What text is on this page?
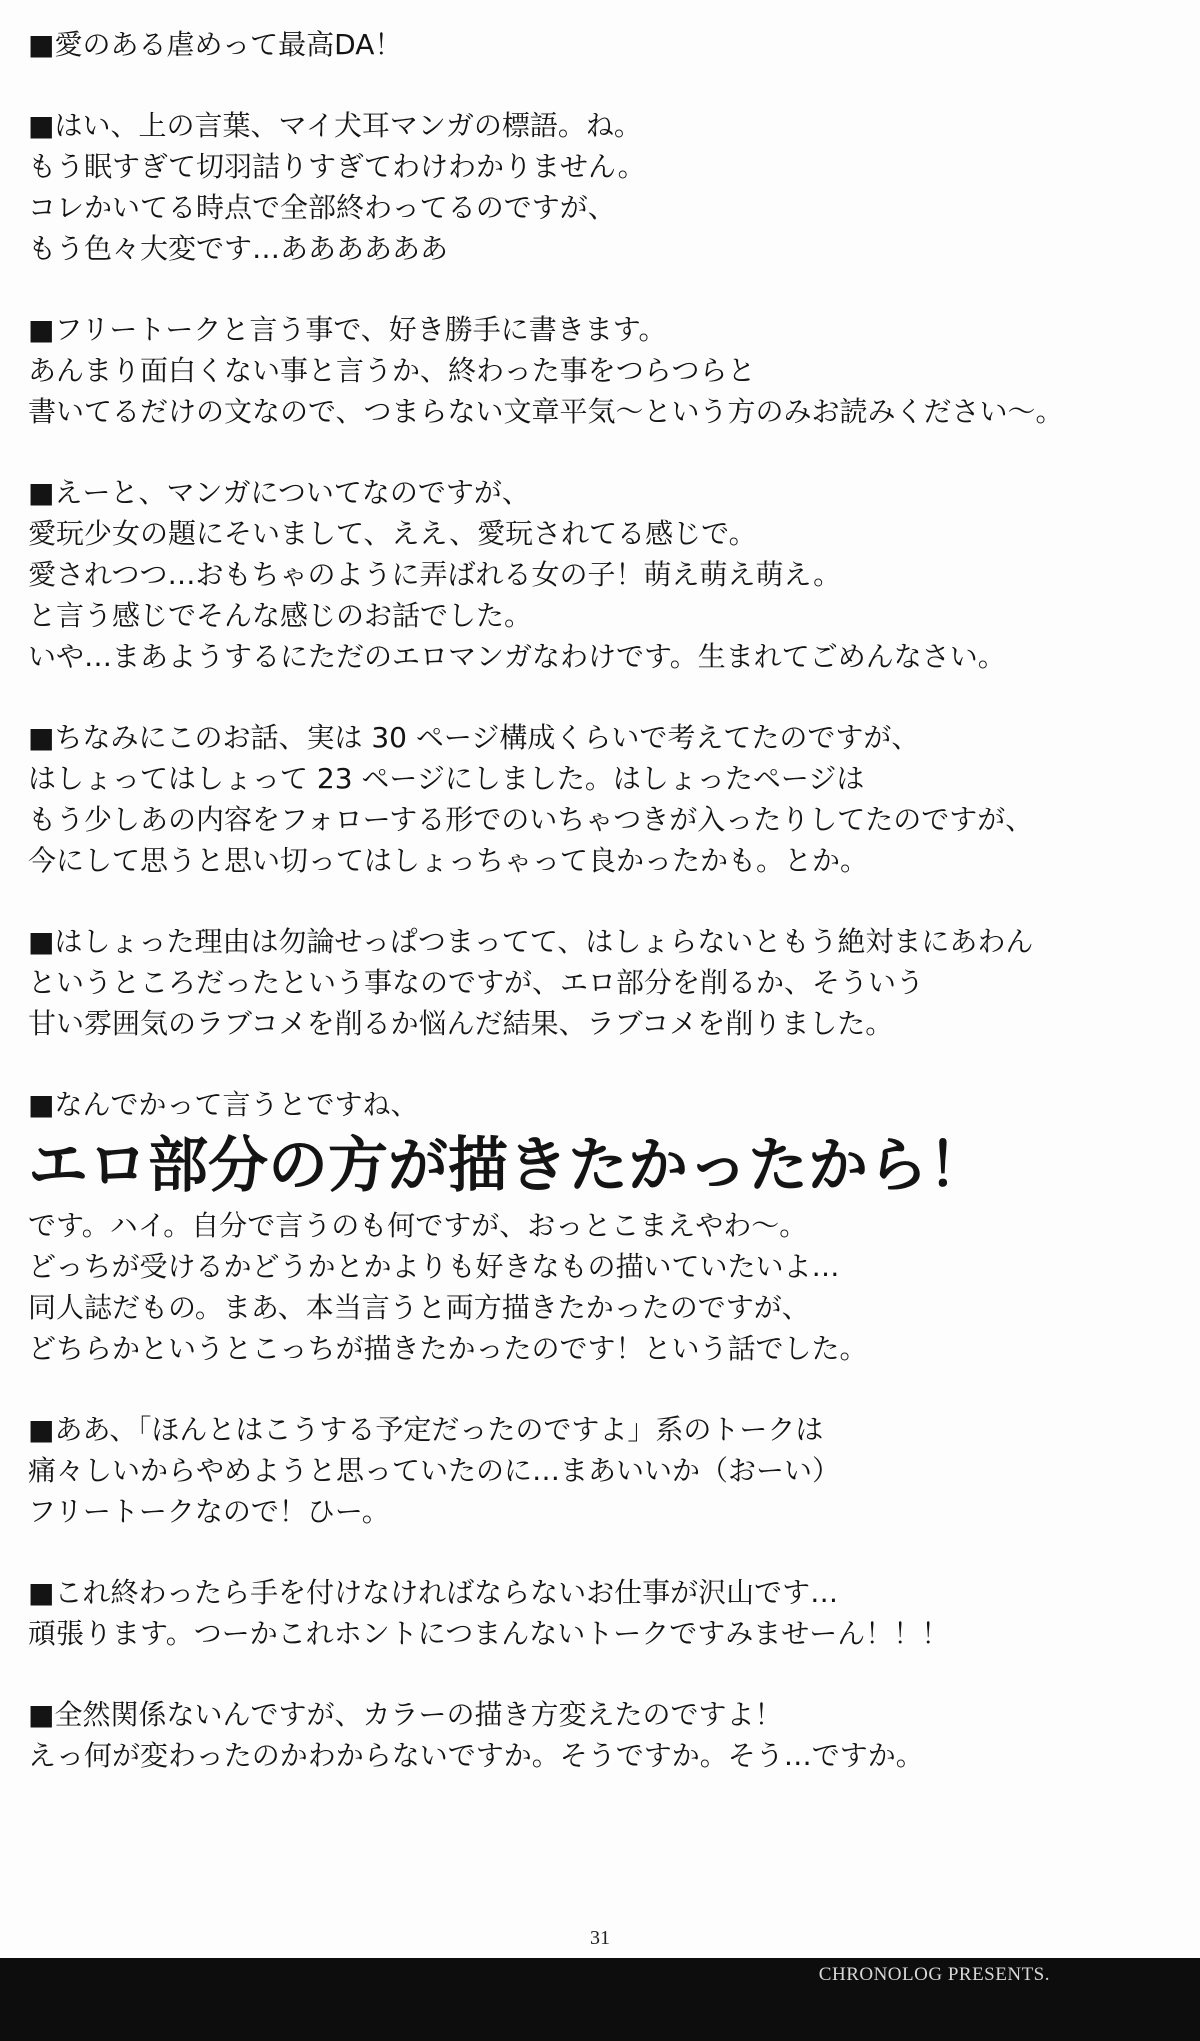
■愛のある虐めって最高DA！
■はい、上の言葉、マイ犬耳マンガの標語。ね。
もう眠すぎて切羽詰りすぎてわけわかりません。
コレかいてる時点で全部終わってるのですが、
もう色々大変です…ああああああ
■フリートークと言う事で、好き勝手に書きます。
あんまり面白くない事と言うか、終わった事をつらつらと
書いてるだけの文なので、つまらない文章平気～という方のみお読みください～。
■えーと、マンガについてなのですが、
愛玩少女の題にそいまして、ええ、愛玩されてる感じで。
愛されつつ…おもちゃのように弄ばれる女の子！萌え萌え萌え。
と言う感じでそんな感じのお話でした。
いや…まあようするにただのエロマンガなわけです。生まれてごめんなさい。
■ちなみにこのお話、実は 30 ページ構成くらいで考えてたのですが、
はしょってはしょって 23 ページにしました。はしょったページは
もう少しあの内容をフォローする形でのいちゃつきが入ったりしてたのですが、
今にして思うと思い切ってはしょっちゃって良かったかも。とか。
■はしょった理由は勿論せっぱつまってて、はしょらないともう絶対まにあわん
というところだったという事なのですが、エロ部分を削るか、そういう
甘い雰囲気のラブコメを削るか悩んだ結果、ラブコメを削りました。
■なんでかって言うとですね、
エロ部分の方が描きたかったから！
です。ハイ。自分で言うのも何ですが、おっとこまえやわ～。
どっちが受けるかどうかとかよりも好きなもの描いていたいよ…
同人誌だもの。まあ、本当言うと両方描きたかったのですが、
どちらかというとこっちが描きたかったのです！という話でした。
■ああ、「ほんとはこうする予定だったのですよ」系のトークは
痛々しいからやめようと思っていたのに…まあいいか（おーい）
フリートークなので！ひー。
■これ終わったら手を付けなければならないお仕事が沢山です…
頑張ります。つーかこれホントにつまんないトークですみませーん！！！
■全然関係ないんですが、カラーの描き方変えたのですよ！
えっ何が変わったのかわからないですか。そうですか。そう…ですか。
31
CHRONOLOG PRESENTS.
